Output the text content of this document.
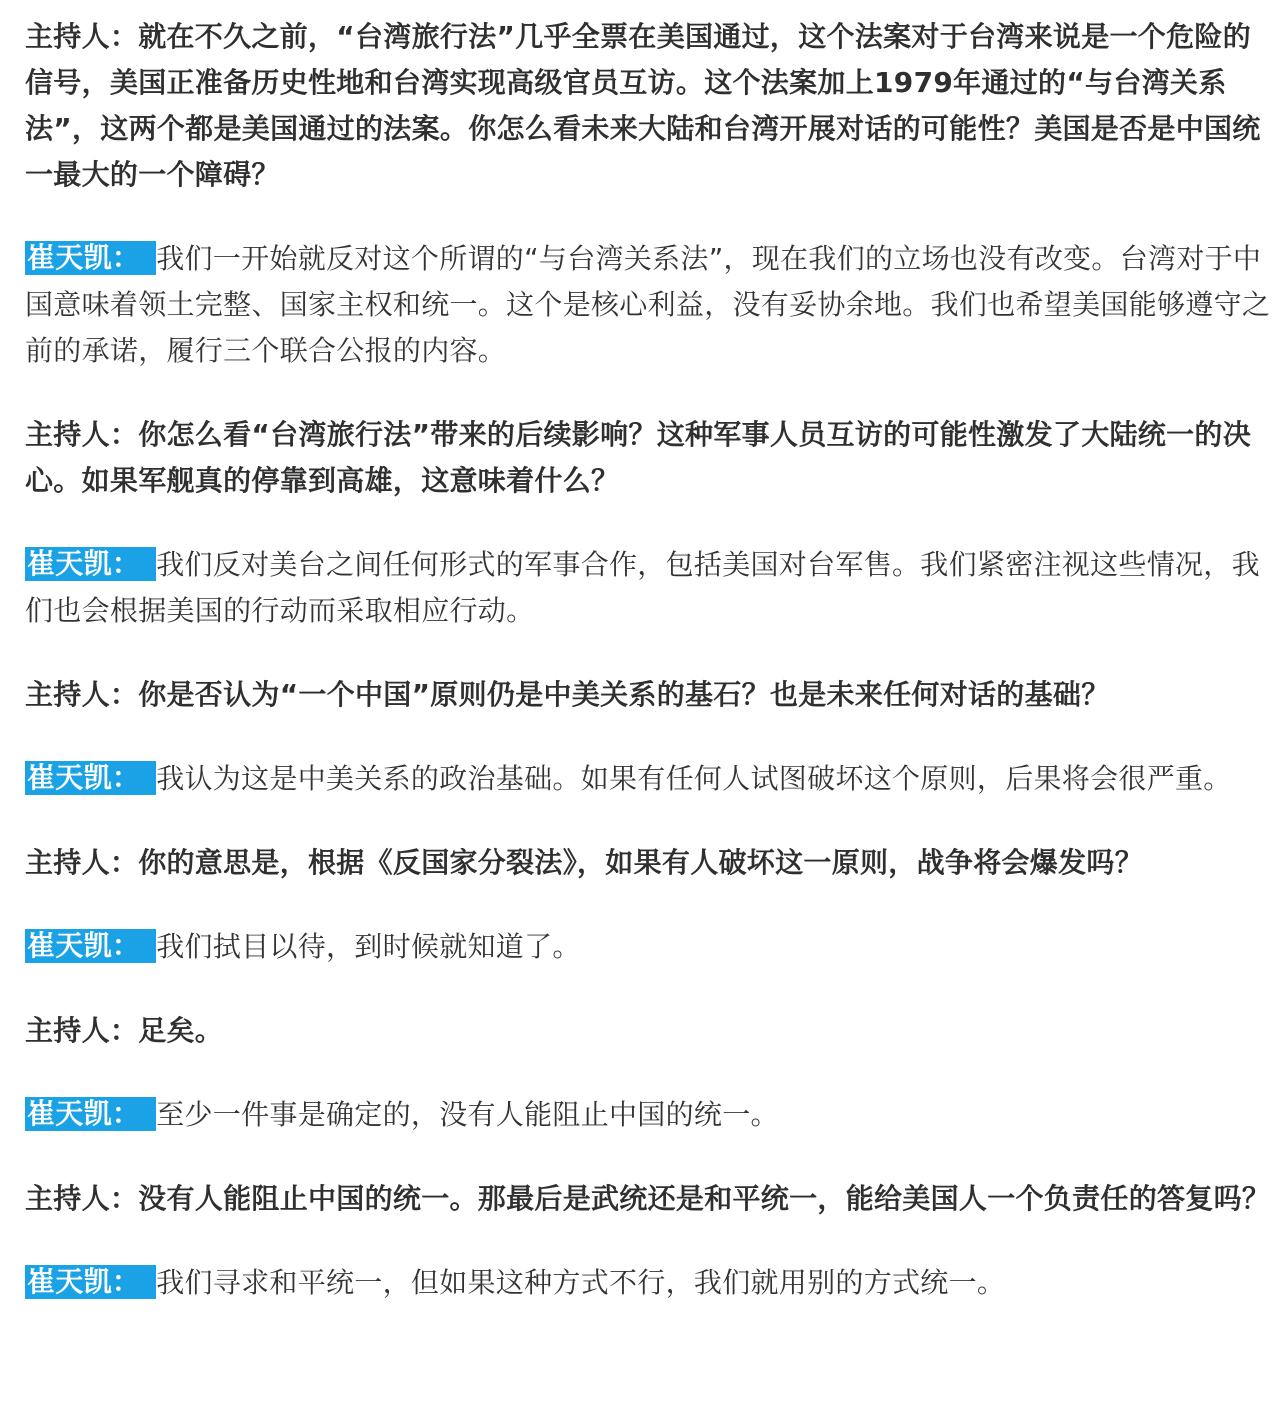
主持人：就在不久之前，“台湾旅行法”几乎全票在美国通过，这个法案对于台湾来说是一个危险的信号，美国正准备历史性地和台湾实现高级官员互访。这个法案加上1979年通过的“与台湾关系法”，这两个都是美国通过的法案。你怎么看未来大陆和台湾开展对话的可能性？美国是否是中国统一最大的一个障碍？

崔天凯： 我们一开始就反对这个所谓的“与台湾关系法”，现在我们的立场也没有改变。台湾对于中国意味着领土完整、国家主权和统一。这个是核心利益，没有妥协余地。我们也希望美国能够遵守之前的承诺，履行三个联合公报的内容。

主持人：你怎么看“台湾旅行法”带来的后续影响？这种军事人员互访的可能性激发了大陆统一的决心。如果军舰真的停靠到高雄，这意味着什么？

崔天凯： 我们反对美台之间任何形式的军事合作，包括美国对台军售。我们紧密注视这些情况，我们也会根据美国的行动而采取相应行动。

主持人：你是否认为“一个中国”原则仍是中美关系的基石？也是未来任何对话的基础？

崔天凯： 我认为这是中美关系的政治基础。如果有任何人试图破坏这个原则，后果将会很严重。

主持人：你的意思是，根据《反国家分裂法》，如果有人破坏这一原则，战争将会爆发吗？

崔天凯： 我们拭目以待，到时候就知道了。

主持人：足矣。

崔天凯： 至少一件事是确定的，没有人能阻止中国的统一。

主持人：没有人能阻止中国的统一。那最后是武统还是和平统一，能给美国人一个负责任的答复吗？

崔天凯： 我们寻求和平统一，但如果这种方式不行，我们就用别的方式统一。
